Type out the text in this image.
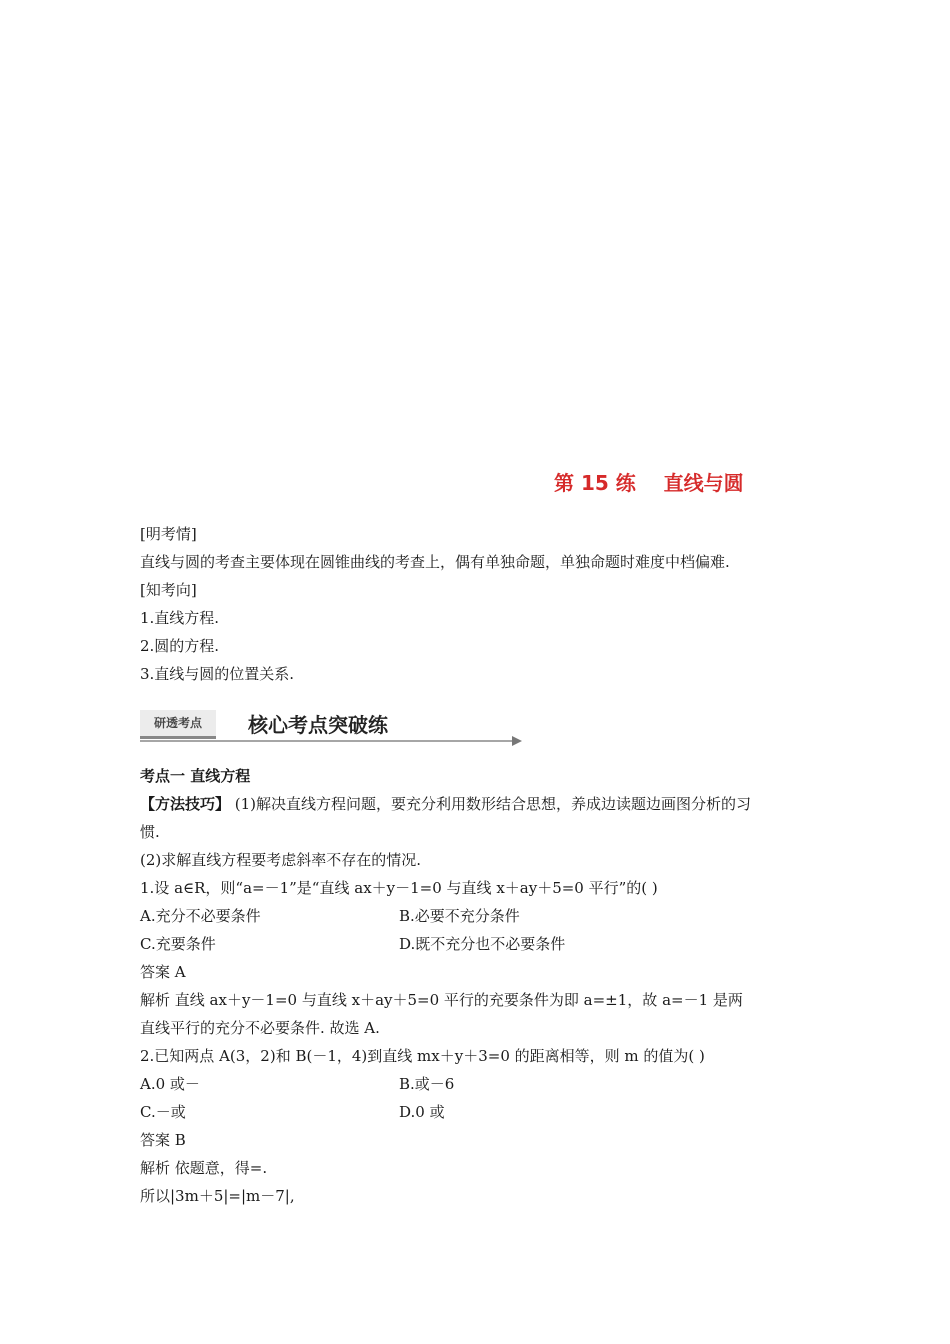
第 15 练    直线与圆
[明考情]
直线与圆的考查主要体现在圆锥曲线的考查上，偶有单独命题，单独命题时难度中档偏难.
[知考向]
1.直线方程.
2.圆的方程.
3.直线与圆的位置关系.
研透考点	核心考点突破练
考点一 直线方程
【方法技巧】 (1)解决直线方程问题，要充分利用数形结合思想，养成边读题边画图分析的习
惯.
(2)求解直线方程要考虑斜率不存在的情况.
1.设 a∈R，则“a=－1”是“直线 ax＋y－1=0 与直线 x＋ay＋5=0 平行”的( )
A.充分不必要条件	B.必要不充分条件
C.充要条件	D.既不充分也不必要条件
答案 A
解析 直线 ax＋y－1=0 与直线 x＋ay＋5=0 平行的充要条件为即 a=±1，故 a=－1 是两
直线平行的充分不必要条件. 故选 A.
2.已知两点 A(3，2)和 B(－1，4)到直线 mx＋y＋3=0 的距离相等，则 m 的值为( )
A.0 或－	B.或－6
C.－或	D.0 或
答案 B
解析 依题意，得=.
所以|3m＋5|=|m－7|,
